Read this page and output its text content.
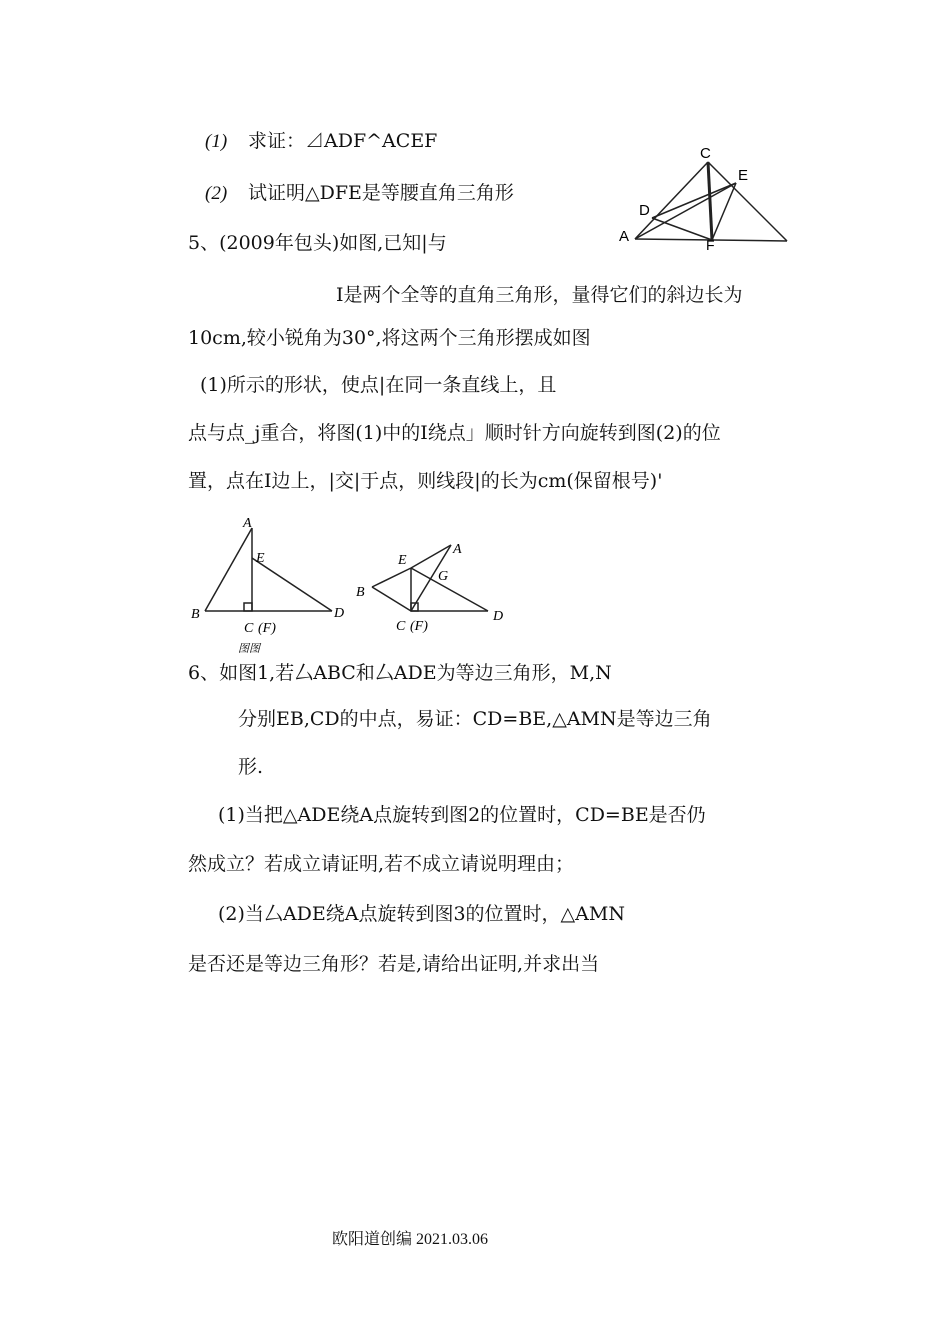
(1) 求证：⊿ADF^ACEF
(2) 试证明△DFE是等腰直角三角形
5、(2009年包头)如图,已知|与
I是两个全等的直角三角形，量得它们的斜边长为
10cm,较小锐角为30°,将这两个三角形摆成如图
(1)所示的形状，使点|在同一条直线上，且
点与点_j重合，将图(1)中的I绕点」顺时针方向旋转到图(2)的位
置，点在I边上，|交|于点，则线段|的长为cm(保留根号)'
6、如图1,若厶ABC和厶ADE为等边三角形，M,N
分别EB,CD的中点，易证：CD=BE,△AMN是等边三角
形.
(1)当把△ADE绕A点旋转到图2的位置时，CD=BE是否仍
然成立？若成立请证明,若不成立请说明理由；
(2)当厶ADE绕A点旋转到图3的位置时，△AMN
是否还是等边三角形？若是,请给出证明,并求出当
C
E
D
A	F
A
E
B	D
C (F)
图图
E
A
G
B
D
C (F)
欧阳道创编 2021.03.06
